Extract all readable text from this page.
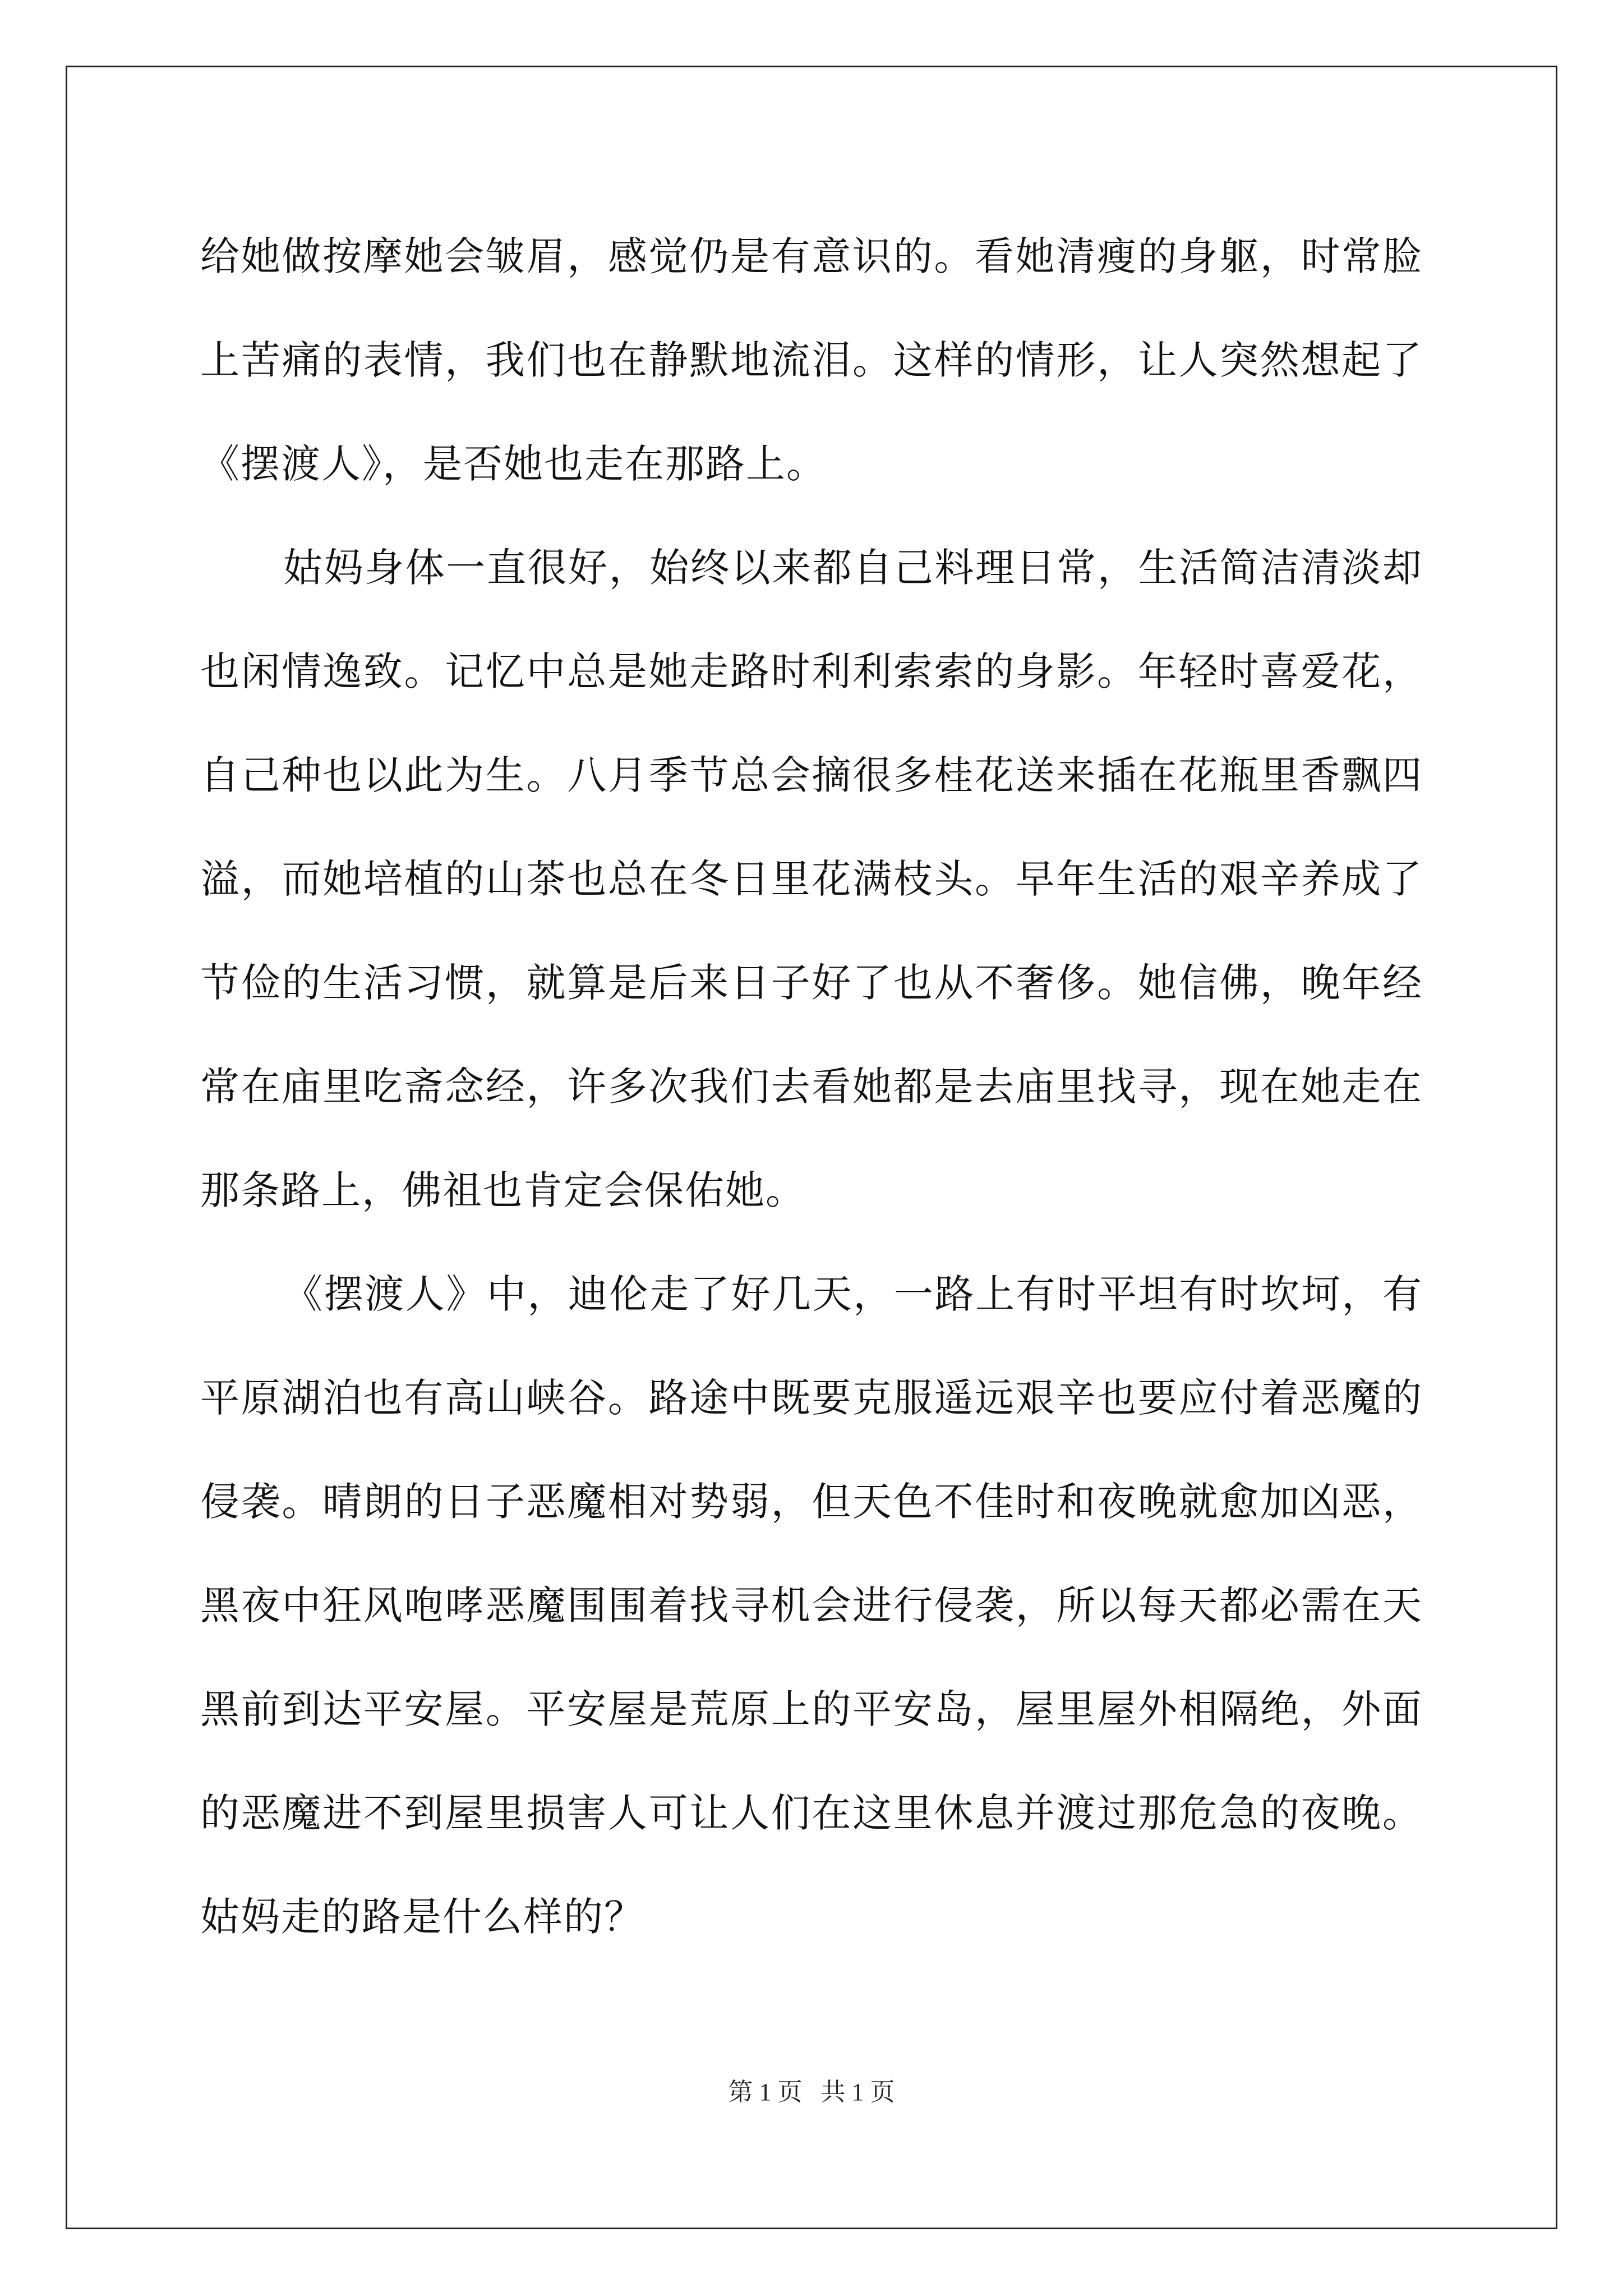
给她做按摩她会皱眉，感觉仍是有意识的。看她清瘦的身躯，时常脸上苦痛的表情，我们也在静默地流泪。这样的情形，让人突然想起了《摆渡人》，是否她也走在那路上。

姑妈身体一直很好，始终以来都自己料理日常，生活简洁清淡却也闲情逸致。记忆中总是她走路时利利索索的身影。年轻时喜爱花，自己种也以此为生。八月季节总会摘很多桂花送来插在花瓶里香飘四溢，而她培植的山茶也总在冬日里花满枝头。早年生活的艰辛养成了节俭的生活习惯，就算是后来日子好了也从不奢侈。她信佛，晚年经常在庙里吃斋念经，许多次我们去看她都是去庙里找寻，现在她走在那条路上，佛祖也肯定会保佑她。

《摆渡人》中，迪伦走了好几天，一路上有时平坦有时坎坷，有平原湖泊也有高山峡谷。路途中既要克服遥远艰辛也要应付着恶魔的侵袭。晴朗的日子恶魔相对势弱，但天色不佳时和夜晚就愈加凶恶，黑夜中狂风咆哮恶魔围围着找寻机会进行侵袭，所以每天都必需在天黑前到达平安屋。平安屋是荒原上的平安岛，屋里屋外相隔绝，外面的恶魔进不到屋里损害人可让人们在这里休息并渡过那危急的夜晚。姑妈走的路是什么样的？

第 1 页   共 1 页
